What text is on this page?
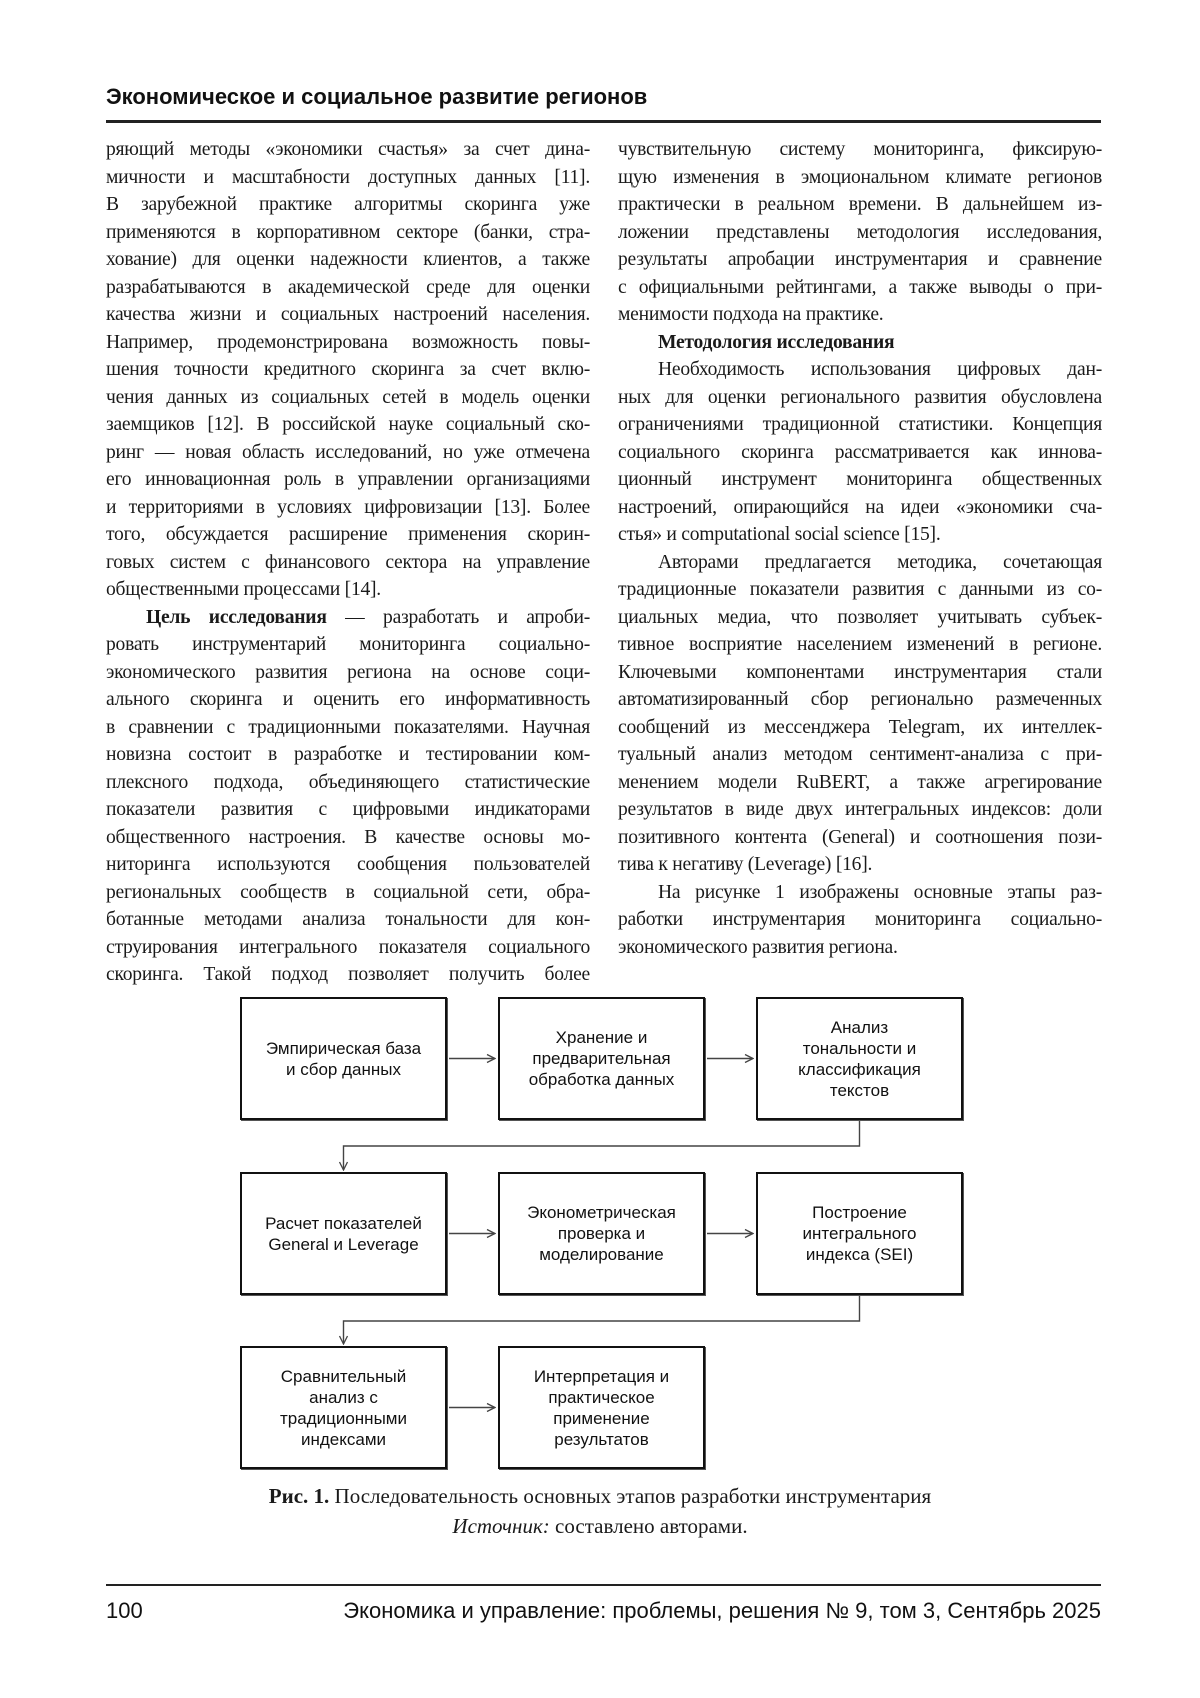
Экономическое и социальное развитие регионов
ряющий методы «экономики счастья» за счет дина-
мичности и масштабности доступных данных [11].
В зарубежной практике алгоритмы скоринга уже
применяются в корпоративном секторе (банки, стра-
хование) для оценки надежности клиентов, а также
разрабатываются в академической среде для оценки
качества жизни и социальных настроений населения.
Например, продемонстрирована возможность повы-
шения точности кредитного скоринга за счет вклю-
чения данных из социальных сетей в модель оценки
заемщиков [12]. В российской науке социальный ско-
ринг — новая область исследований, но уже отмечена
его инновационная роль в управлении организациями
и территориями в условиях цифровизации [13]. Более
того, обсуждается расширение применения скорин-
говых систем с финансового сектора на управление
общественными процессами [14].
Цель исследования — разработать и апроби-
ровать инструментарий мониторинга социально-
экономического развития региона на основе соци-
ального скоринга и оценить его информативность
в сравнении с традиционными показателями. Научная
новизна состоит в разработке и тестировании ком-
плексного подхода, объединяющего статистические
показатели развития с цифровыми индикаторами
общественного настроения. В качестве основы мо-
ниторинга используются сообщения пользователей
региональных сообществ в социальной сети, обра-
ботанные методами анализа тональности для кон-
струирования интегрального показателя социального
скоринга. Такой подход позволяет получить более
чувствительную систему мониторинга, фиксирую-
щую изменения в эмоциональном климате регионов
практически в реальном времени. В дальнейшем из-
ложении представлены методология исследования,
результаты апробации инструментария и сравнение
с официальными рейтингами, а также выводы о при-
менимости подхода на практике.
Методология исследования
Необходимость использования цифровых дан-
ных для оценки регионального развития обусловлена
ограничениями традиционной статистики. Концепция
социального скоринга рассматривается как иннова-
ционный инструмент мониторинга общественных
настроений, опирающийся на идеи «экономики сча-
стья» и computational social science [15].
Авторами предлагается методика, сочетающая
традиционные показатели развития с данными из со-
циальных медиа, что позволяет учитывать субъек-
тивное восприятие населением изменений в регионе.
Ключевыми компонентами инструментария стали
автоматизированный сбор регионально размеченных
сообщений из мессенджера Telegram, их интеллек-
туальный анализ методом сентимент-анализа с при-
менением модели RuBERT, а также агрегирование
результатов в виде двух интегральных индексов: доли
позитивного контента (General) и соотношения пози-
тива к негативу (Leverage) [16].
На рисунке 1 изображены основные этапы раз-
работки инструментария мониторинга социально-
экономического развития региона.
Эмпирическая база
и сбор данных
Хранение и
предварительная
обработка данных
Анализ
тональности и
классификация
текстов
Расчет показателей
General и Leverage
Эконометрическая
проверка и
моделирование
Построение
интегрального
индекса (SEI)
Сравнительный
анализ с
традиционными
индексами
Интерпретация и
практическое
применение
результатов
Рис. 1. Последовательность основных этапов разработки инструментария
Источник: составлено авторами.
100	Экономика и управление: проблемы, решения № 9, том 3, Сентябрь 2025
